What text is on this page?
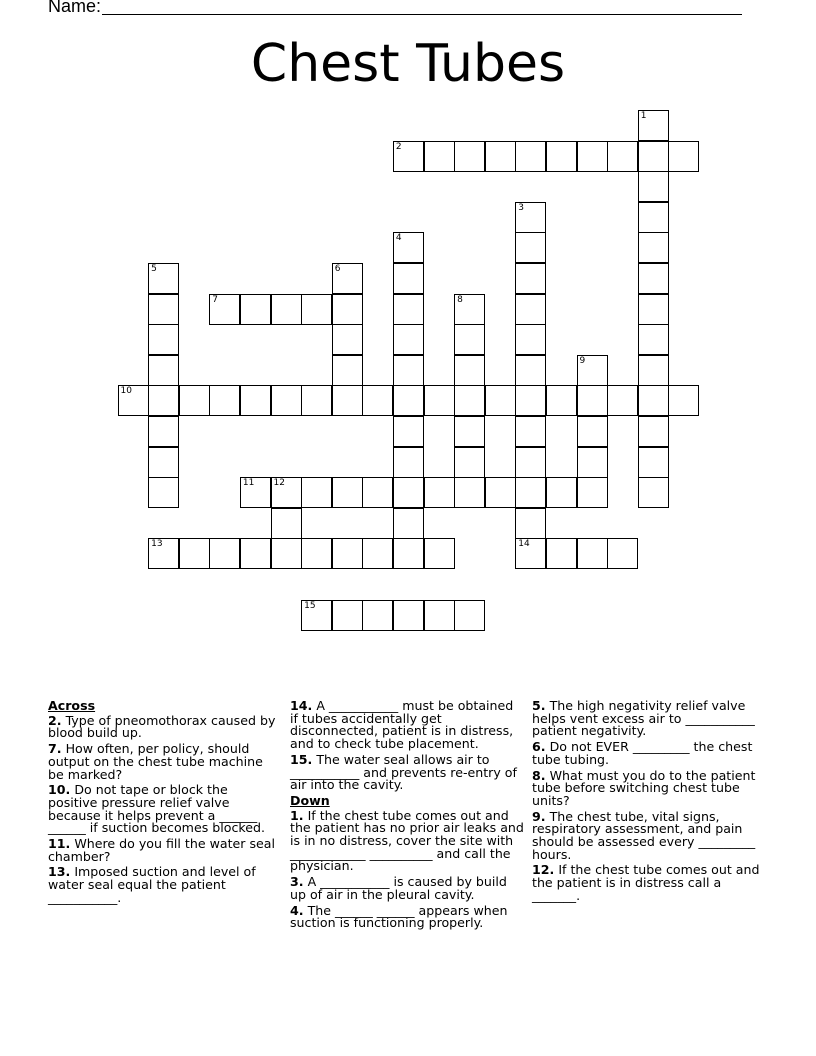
Name:
Chest Tubes
1
2
3
14
4
5	6
7	8
9
10
11 12
13
15
Across
2. Type of pneomothorax caused by blood build up.
7. How often, per policy, should output on the chest tube machine be marked?
10. Do not tape or block the positive pressure relief valve because it helps prevent a ______ ______ if suction becomes blocked.
11. Where do you fill the water seal chamber?
13. Imposed suction and level of water seal equal the patient ___________.
14. A ___________ must be obtained if tubes accidentally get disconnected, patient is in distress, and to check tube placement.
15. The water seal allows air to ___________ and prevents re-entry of air into the cavity.
Down
1. If the chest tube comes out and the patient has no prior air leaks and is in no distress, cover the site with ____________ __________ and call the physician.
3. A ___________ is caused by build up of air in the pleural cavity.
4. The ______ ______ appears when suction is functioning properly.
5. The high negativity relief valve helps vent excess air to ___________ patient negativity.
6. Do not EVER _________ the chest tube tubing.
8. What must you do to the patient tube before switching chest tube units?
9. The chest tube, vital signs, respiratory assessment, and pain should be assessed every _________ hours.
12. If the chest tube comes out and the patient is in distress call a _______.
